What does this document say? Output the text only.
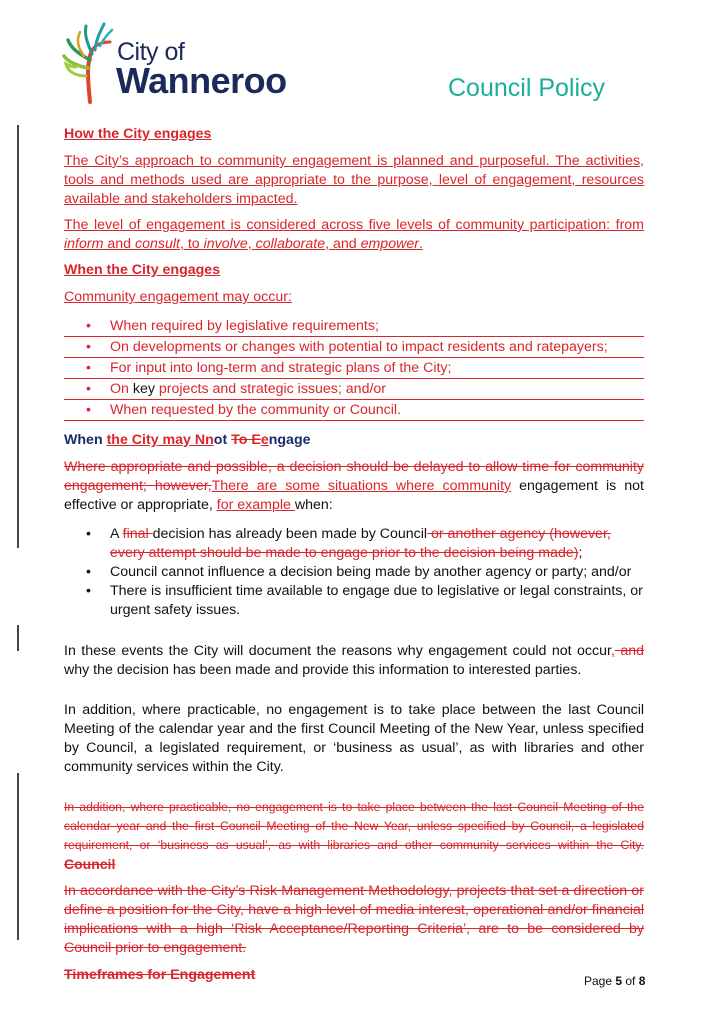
City of
Wanneroo	Council Policy
How the City engages

The City’s approach to community engagement is planned and purposeful. The activities, tools and methods used are appropriate to the purpose, level of engagement, resources available and stakeholders impacted.

The level of engagement is considered across five levels of community participation: from inform and consult, to involve, collaborate, and empower.

When the City engages

Community engagement may occur:

• When required by legislative requirements;
• On developments or changes with potential to impact residents and ratepayers;
• For input into long-term and strategic plans of the City;
• On key projects and strategic issues; and/or
• When requested by the community or Council.
When the City may Nnot To Eengage

Where appropriate and possible, a decision should be delayed to allow time for community engagement; however,There are some situations where community engagement is not effective or appropriate, for example when:

• A final decision has already been made by Council or another agency (however, every attempt should be made to engage prior to the decision being made);
• Council cannot influence a decision being made by another agency or party; and/or
• There is insufficient time available to engage due to legislative or legal constraints, or urgent safety issues.

In these events the City will document the reasons why engagement could not occur, and why the decision has been made and provide this information to interested parties.

In addition, where practicable, no engagement is to take place between the last Council Meeting of the calendar year and the first Council Meeting of the New Year, unless specified by Council, a legislated requirement, or ‘business as usual’, as with libraries and other community services within the City.

In addition, where practicable, no engagement is to take place between the last Council Meeting of the calendar year and the first Council Meeting of the New Year, unless specified by Council, a legislated requirement, or ‘business as usual’, as with libraries and other community services within the City. Council

In accordance with the City’s Risk Management Methodology, projects that set a direction or define a position for the City, have a high level of media interest, operational and/or financial implications with a high ‘Risk Acceptance/Reporting Criteria’, are to be considered by Council prior to engagement.

Timeframes for Engagement	Page 5 of 8
